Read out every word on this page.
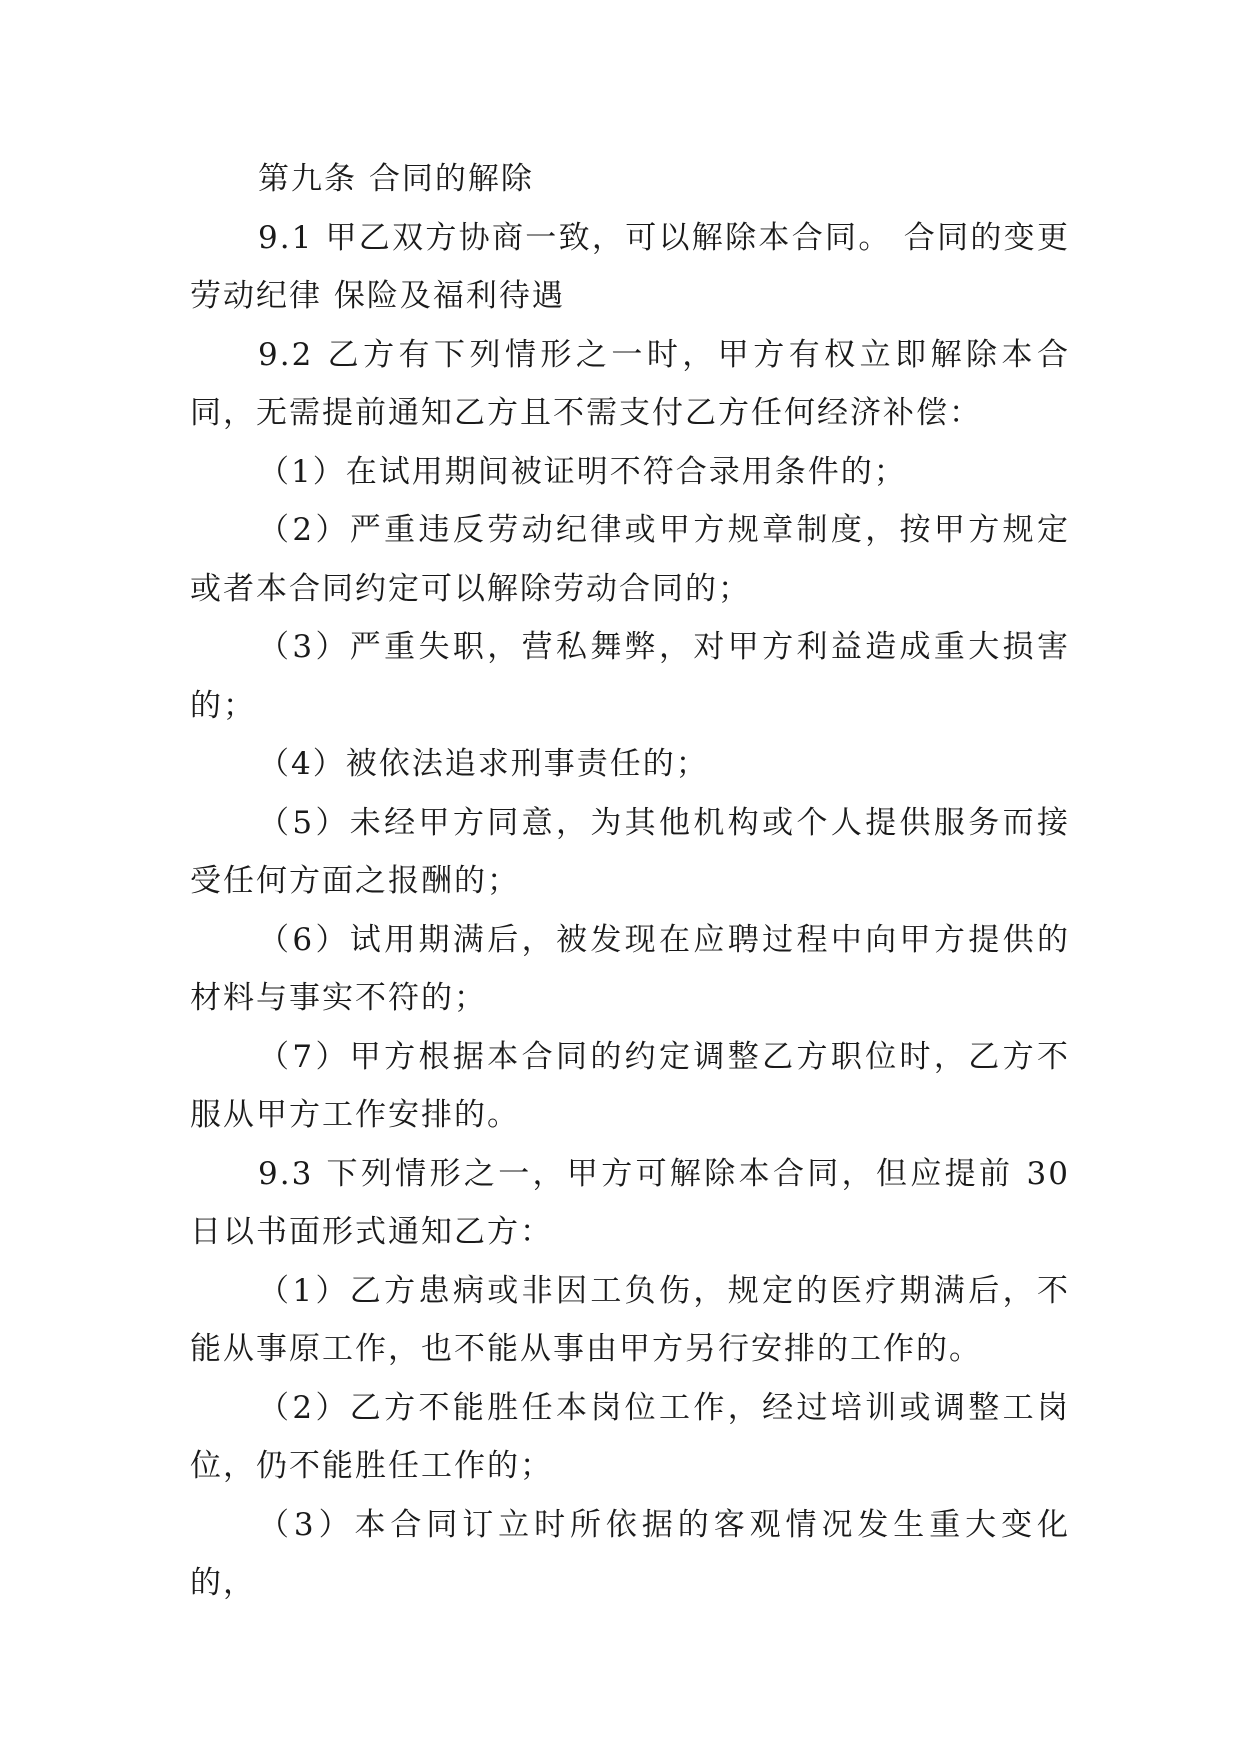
第九条 合同的解除

9.1 甲乙双方协商一致，可以解除本合同。 合同的变更劳动纪律 保险及福利待遇

9.2 乙方有下列情形之一时，甲方有权立即解除本合同，无需提前通知乙方且不需支付乙方任何经济补偿：

（1）在试用期间被证明不符合录用条件的；

（2）严重违反劳动纪律或甲方规章制度，按甲方规定或者本合同约定可以解除劳动合同的；

（3）严重失职，营私舞弊，对甲方利益造成重大损害的；

（4）被依法追求刑事责任的；

（5）未经甲方同意，为其他机构或个人提供服务而接受任何方面之报酬的；

（6）试用期满后，被发现在应聘过程中向甲方提供的材料与事实不符的；

（7）甲方根据本合同的约定调整乙方职位时，乙方不服从甲方工作安排的。

9.3 下列情形之一，甲方可解除本合同，但应提前 30 日以书面形式通知乙方：

（1）乙方患病或非因工负伤，规定的医疗期满后，不能从事原工作，也不能从事由甲方另行安排的工作的。

（2）乙方不能胜任本岗位工作，经过培训或调整工岗位，仍不能胜任工作的；

（3）本合同订立时所依据的客观情况发生重大变化的，
